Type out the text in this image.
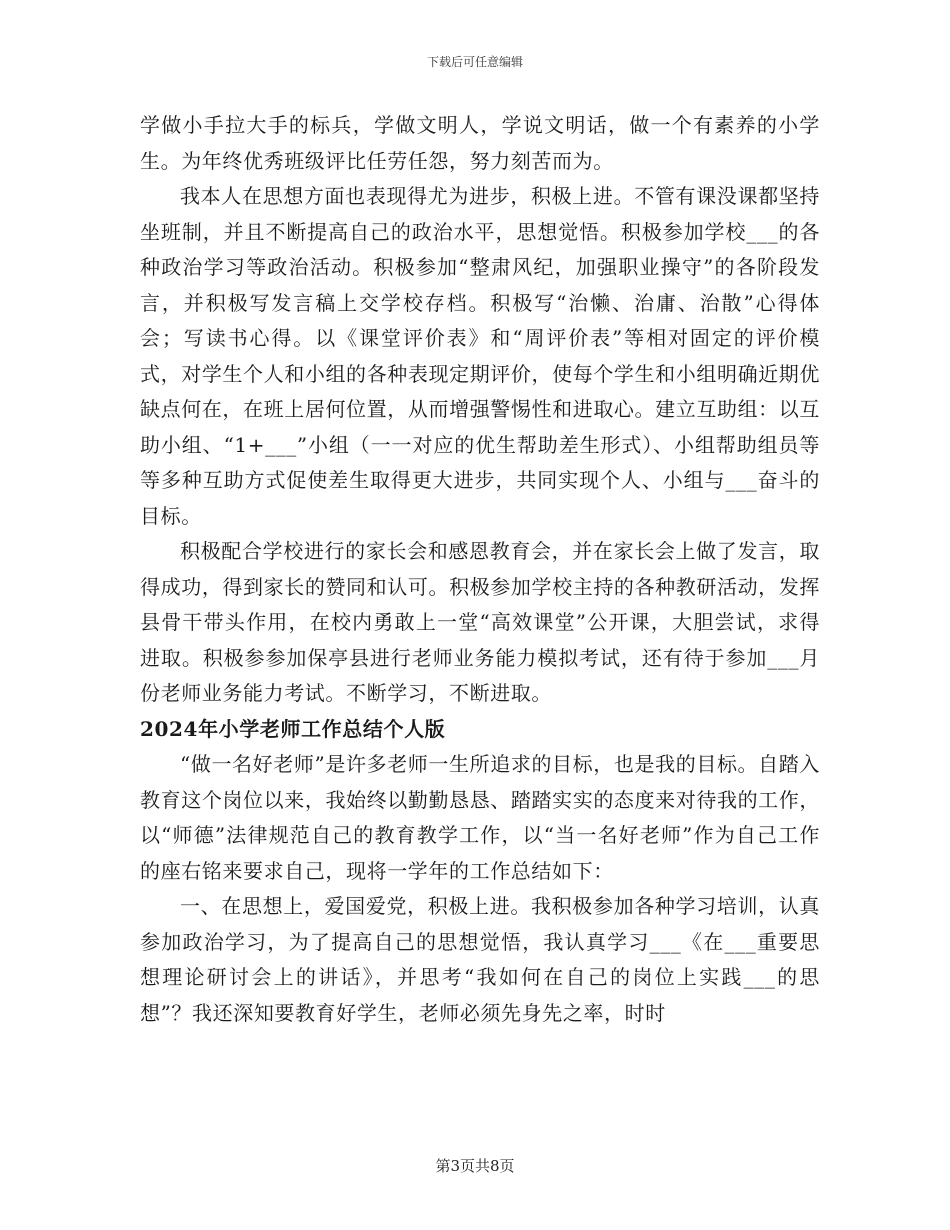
下载后可任意编辑

学做小手拉大手的标兵，学做文明人，学说文明话，做一个有素养的小学生。为年终优秀班级评比任劳任怨，努力刻苦而为。

我本人在思想方面也表现得尤为进步，积极上进。不管有课没课都坚持坐班制，并且不断提高自己的政治水平，思想觉悟。积极参加学校___的各种政治学习等政治活动。积极参加“整肃风纪，加强职业操守”的各阶段发言，并积极写发言稿上交学校存档。积极写“治懒、治庸、治散”心得体会；写读书心得。以《课堂评价表》和“周评价表”等相对固定的评价模式，对学生个人和小组的各种表现定期评价，使每个学生和小组明确近期优缺点何在，在班上居何位置，从而增强警惕性和进取心。建立互助组：以互助小组、“1+___”小组（一一对应的优生帮助差生形式）、小组帮助组员等等多种互助方式促使差生取得更大进步，共同实现个人、小组与___奋斗的目标。

积极配合学校进行的家长会和感恩教育会，并在家长会上做了发言，取得成功，得到家长的赞同和认可。积极参加学校主持的各种教研活动，发挥县骨干带头作用，在校内勇敢上一堂“高效课堂”公开课，大胆尝试，求得进取。积极参参加保亭县进行老师业务能力模拟考试，还有待于参加___月份老师业务能力考试。不断学习，不断进取。

2024年小学老师工作总结个人版

“做一名好老师”是许多老师一生所追求的目标，也是我的目标。自踏入教育这个岗位以来，我始终以勤勤恳恳、踏踏实实的态度来对待我的工作，以“师德”法律规范自己的教育教学工作，以“当一名好老师”作为自己工作的座右铭来要求自己，现将一学年的工作总结如下：

一、在思想上，爱国爱党，积极上进。我积极参加各种学习培训，认真参加政治学习，为了提高自己的思想觉悟，我认真学习___《在___重要思想理论研讨会上的讲话》，并思考“我如何在自己的岗位上实践___的思想”？我还深知要教育好学生，老师必须先身先之率，时时

第3页共8页
